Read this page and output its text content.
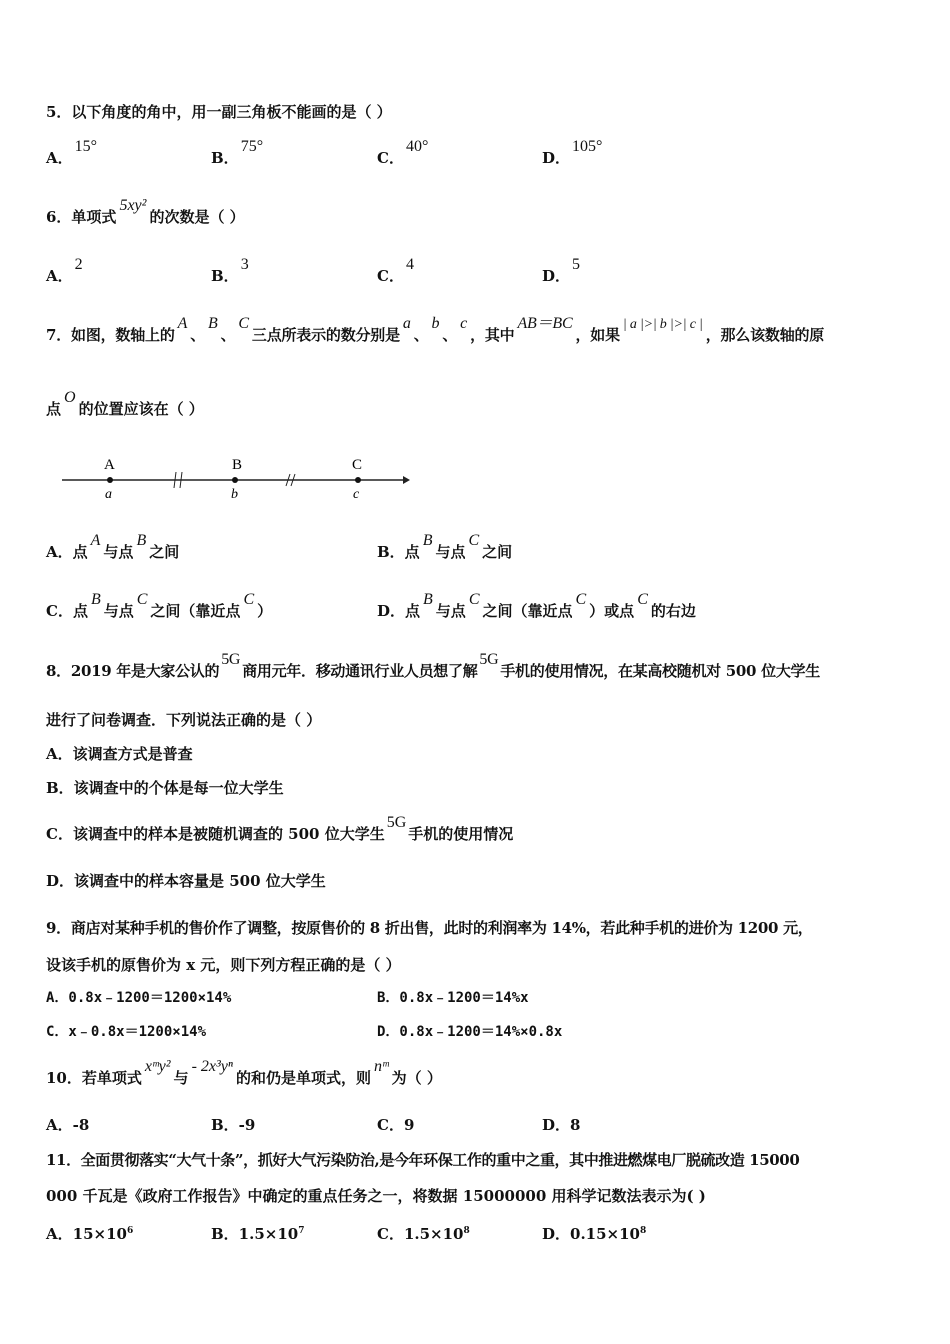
5．以下角度的角中，用一副三角板不能画的是（ ）
A．15°
B．75°
C．40°
D．105°
6．单项式5xy²的次数是（ ）
A．2
B．3
C．4
D．5
7．如图，数轴上的A、B、C三点所表示的数分别是a、b、c，其中AB＝BC，如果| a |>| b |>| c |，那么该数轴的原
点O的位置应该在（ ）
A	B	C
a	b	c
A．点A与点B之间	B．点B与点C之间
C．点B与点C之间（靠近点C）	D．点B与点C之间（靠近点C）或点C的右边
8．2019 年是大家公认的5G商用元年．移动通讯行业人员想了解5G手机的使用情况，在某高校随机对 500 位大学生
进行了问卷调查．下列说法正确的是（ ）
A．该调查方式是普查
B．该调查中的个体是每一位大学生
C．该调查中的样本是被随机调查的 500 位大学生5G手机的使用情况
D．该调查中的样本容量是 500 位大学生
9．商店对某种手机的售价作了调整，按原售价的 8 折出售，此时的利润率为 14%，若此种手机的进价为 1200 元，
设该手机的原售价为 x 元，则下列方程正确的是（ ）
A．0.8x﹣1200＝1200×14%	B．0.8x﹣1200＝14%x
C．x﹣0.8x＝1200×14%	D．0.8x﹣1200＝14%×0.8x
10．若单项式xᵐy²与- 2x³yⁿ的和仍是单项式，则nᵐ为（ ）
A．-8	B．-9	C．9	D．8
11．全面贯彻落实“大气十条”，抓好大气污染防治,是今年环保工作的重中之重，其中推进燃煤电厂脱硫改造 15000
000 千瓦是《政府工作报告》中确定的重点任务之一，将数据 15000000 用科学记数法表示为( )
A．$15\times 10^6$	B．$1.5\times 10^7$	C．$1.5\times 10^8$	D．$0.15\times 10^8$
